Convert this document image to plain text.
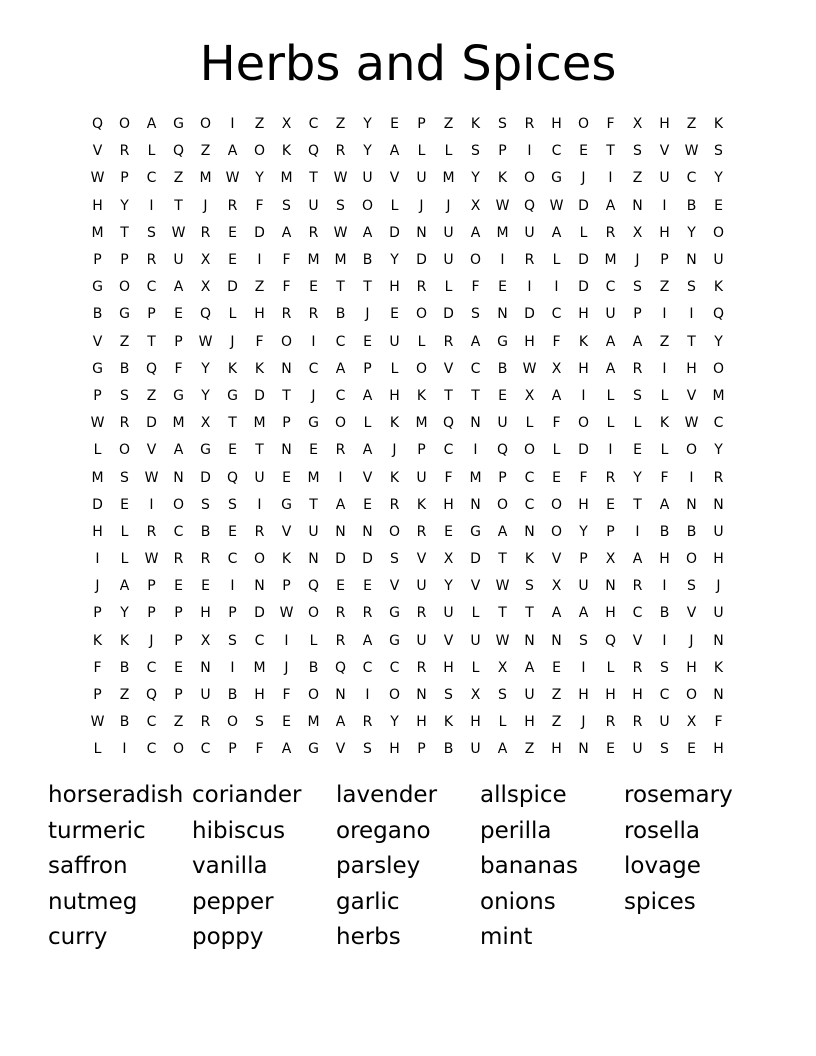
Herbs and Spices
Q	O	A	G	O	I	Z	X	C	Z	Y	E	P	Z	K	S	R	H	O	F	X	H	Z	K
V	R	L	Q	Z	A	O	K	Q	R	Y	A	L	L	S	P	I	C	E	T	S	V	W	S
W	P	C	Z	M	W	Y	M	T	W	U	V	U	M	Y	K	O	G	J	I	Z	U	C	Y
H	Y	I	T	J	R	F	S	U	S	O	L	J	J	X	W	Q	W	D	A	N	I	B	E
M	T	S	W	R	E	D	A	R	W	A	D	N	U	A	M	U	A	L	R	X	H	Y	O
P	P	R	U	X	E	I	F	M	M	B	Y	D	U	O	I	R	L	D	M	J	P	N	U
G	O	C	A	X	D	Z	F	E	T	T	H	R	L	F	E	I	I	D	C	S	Z	S	K
B	G	P	E	Q	L	H	R	R	B	J	E	O	D	S	N	D	C	H	U	P	I	I	Q
V	Z	T	P	W	J	F	O	I	C	E	U	L	R	A	G	H	F	K	A	A	Z	T	Y
G	B	Q	F	Y	K	K	N	C	A	P	L	O	V	C	B	W	X	H	A	R	I	H	O
P	S	Z	G	Y	G	D	T	J	C	A	H	K	T	T	E	X	A	I	L	S	L	V	M
W	R	D	M	X	T	M	P	G	O	L	K	M	Q	N	U	L	F	O	L	L	K	W	C
L	O	V	A	G	E	T	N	E	R	A	J	P	C	I	Q	O	L	D	I	E	L	O	Y
M	S	W	N	D	Q	U	E	M	I	V	K	U	F	M	P	C	E	F	R	Y	F	I	R
D	E	I	O	S	S	I	G	T	A	E	R	K	H	N	O	C	O	H	E	T	A	N	N
H	L	R	C	B	E	R	V	U	N	N	O	R	E	G	A	N	O	Y	P	I	B	B	U
I	L	W	R	R	C	O	K	N	D	D	S	V	X	D	T	K	V	P	X	A	H	O	H
J	A	P	E	E	I	N	P	Q	E	E	V	U	Y	V	W	S	X	U	N	R	I	S	J
P	Y	P	P	H	P	D	W	O	R	R	G	R	U	L	T	T	A	A	H	C	B	V	U
K	K	J	P	X	S	C	I	L	R	A	G	U	V	U	W	N	N	S	Q	V	I	J	N
F	B	C	E	N	I	M	J	B	Q	C	C	R	H	L	X	A	E	I	L	R	S	H	K
P	Z	Q	P	U	B	H	F	O	N	I	O	N	S	X	S	U	Z	H	H	H	C	O	N
W	B	C	Z	R	O	S	E	M	A	R	Y	H	K	H	L	H	Z	J	R	R	U	X	F
L	I	C	O	C	P	F	A	G	V	S	H	P	B	U	A	Z	H	N	E	U	S	E	H
horseradish coriander	lavender	allspice	rosemary
turmeric	hibiscus	oregano	perilla	rosella
saffron	vanilla	parsley	bananas	lovage
nutmeg	pepper	garlic	onions	spices
curry	poppy	herbs	mint
